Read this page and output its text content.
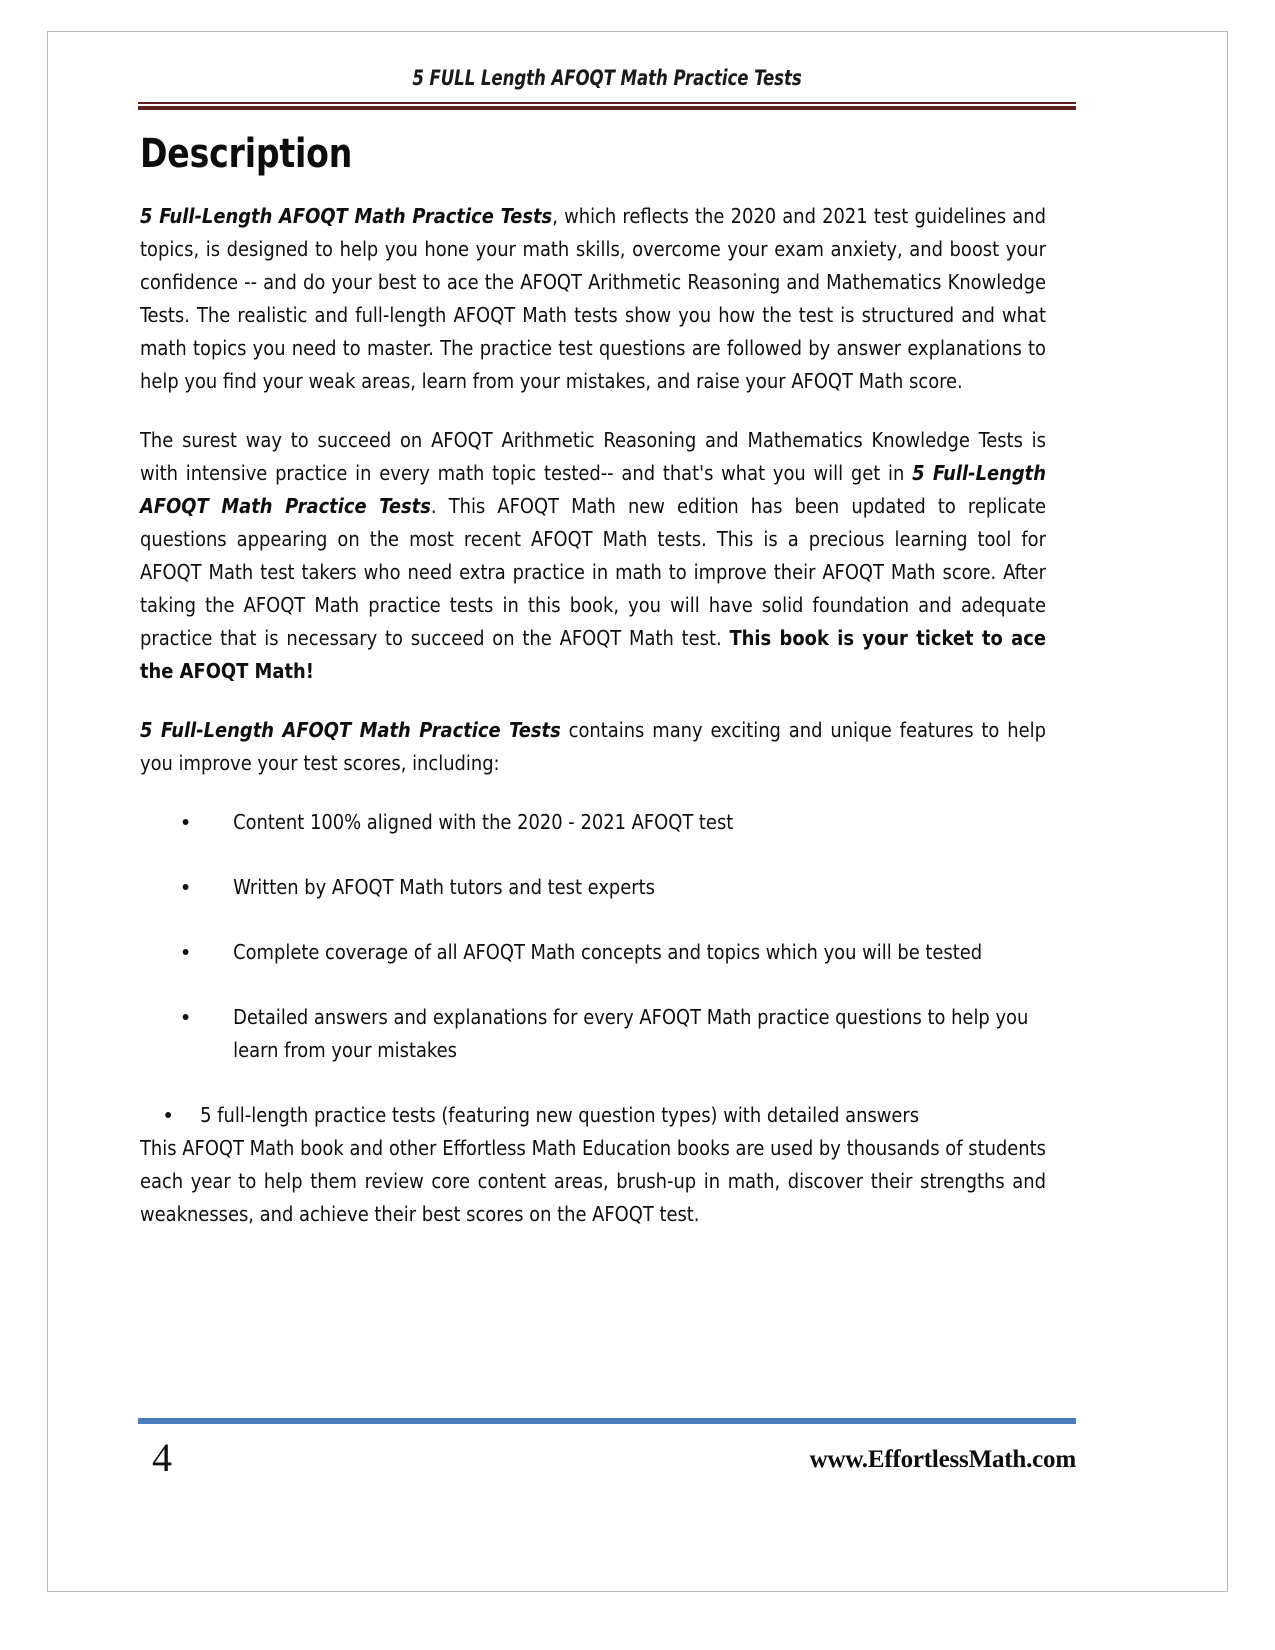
5 FULL Length AFOQT Math Practice Tests
Description

5 Full-Length AFOQT Math Practice Tests, which reflects the 2020 and 2021 test guidelines and topics, is designed to help you hone your math skills, overcome your exam anxiety, and boost your confidence -- and do your best to ace the AFOQT Arithmetic Reasoning and Mathematics Knowledge Tests. The realistic and full-length AFOQT Math tests show you how the test is structured and what math topics you need to master. The practice test questions are followed by answer explanations to help you find your weak areas, learn from your mistakes, and raise your AFOQT Math score.

The surest way to succeed on AFOQT Arithmetic Reasoning and Mathematics Knowledge Tests is with intensive practice in every math topic tested-- and that's what you will get in 5 Full-Length AFOQT Math Practice Tests. This AFOQT Math new edition has been updated to replicate questions appearing on the most recent AFOQT Math tests. This is a precious learning tool for AFOQT Math test takers who need extra practice in math to improve their AFOQT Math score. After taking the AFOQT Math practice tests in this book, you will have solid foundation and adequate practice that is necessary to succeed on the AFOQT Math test. This book is your ticket to ace the AFOQT Math!

5 Full-Length AFOQT Math Practice Tests contains many exciting and unique features to help you improve your test scores, including:

Content 100% aligned with the 2020 - 2021 AFOQT test
Written by AFOQT Math tutors and test experts
Complete coverage of all AFOQT Math concepts and topics which you will be tested
Detailed answers and explanations for every AFOQT Math practice questions to help you learn from your mistakes
5 full-length practice tests (featuring new question types) with detailed answers

This AFOQT Math book and other Effortless Math Education books are used by thousands of students each year to help them review core content areas, brush-up in math, discover their strengths and weaknesses, and achieve their best scores on the AFOQT test.

4	www.EffortlessMath.com
